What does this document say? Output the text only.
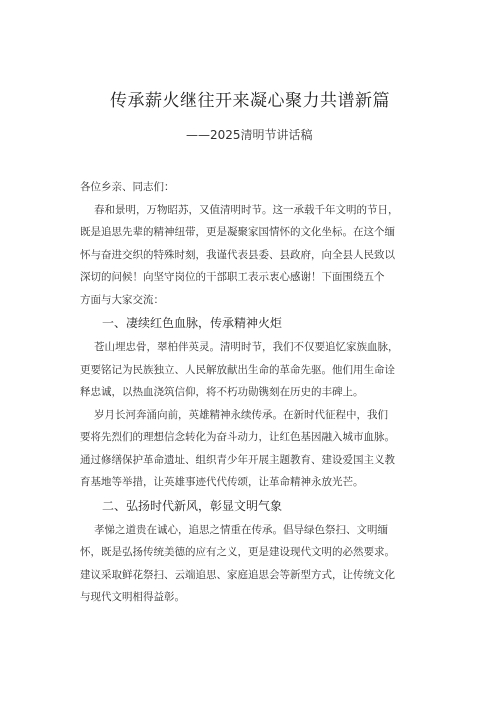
传承薪火继往开来凝心聚力共谱新篇
——2025清明节讲话稿
各位乡亲、同志们：
春和景明，万物昭苏，又值清明时节。这一承载千年文明的节日，
既是追思先辈的精神纽带，更是凝聚家国情怀的文化坐标。在这个缅
怀与奋进交织的特殊时刻，我谨代表县委、县政府，向全县人民致以
深切的问候！向坚守岗位的干部职工表示衷心感谢！下面围绕五个
方面与大家交流：
一、凄续红色血脉，传承精神火炬
苍山埋忠骨，翠柏伴英灵。清明时节，我们不仅要追忆家族血脉，
更要铭记为民族独立、人民解放献出生命的革命先驱。他们用生命诠
释忠诚，以热血浇筑信仰，将不朽功勋镌刻在历史的丰碑上。
岁月长河奔涌向前，英雄精神永续传承。在新时代征程中，我们
要将先烈们的理想信念转化为奋斗动力，让红色基因融入城市血脉。
通过修缮保护革命遗址、组织青少年开展主题教育、建设爱国主义教
育基地等举措，让英雄事迹代代传颂，让革命精神永放光芒。
二、弘扬时代新风，彰显文明气象
孝悌之道贵在诚心，追思之情重在传承。倡导绿色祭扫、文明缅
怀，既是弘扬传统美德的应有之义，更是建设现代文明的必然要求。
建议采取鲜花祭扫、云端追思、家庭追思会等新型方式，让传统文化
与现代文明相得益彰。
